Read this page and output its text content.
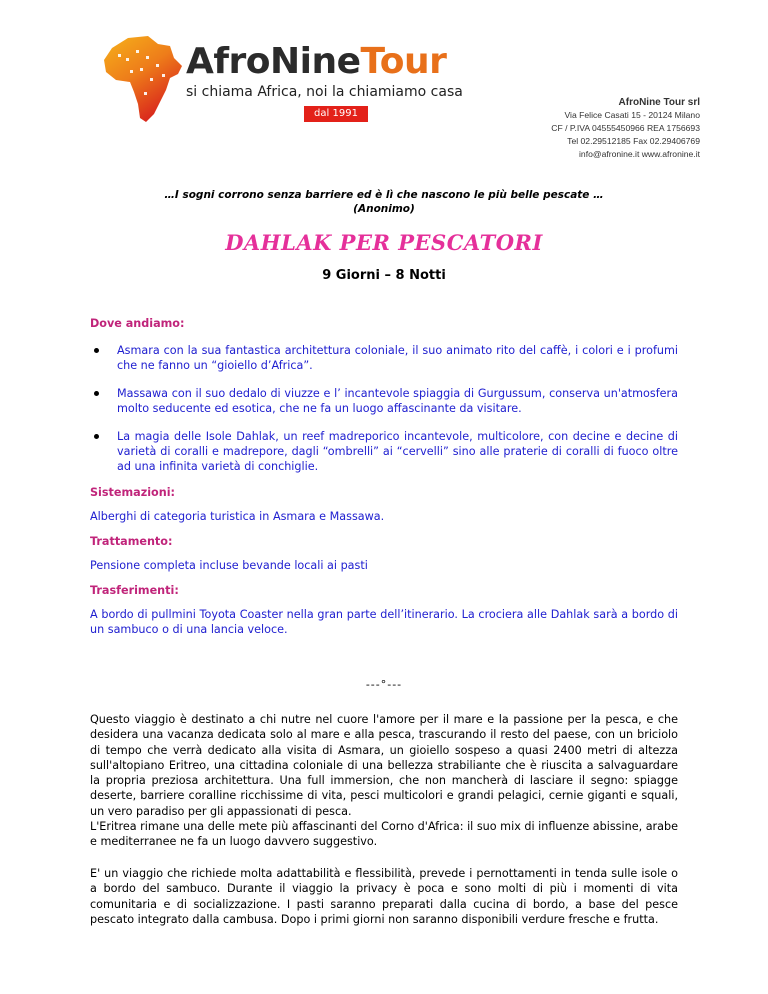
AfroNineTour
si chiama Africa, noi la chiamiamo casa
dal 1991
AfroNine Tour srl
Via Felice Casati 15 - 20124 Milano
CF / P.IVA 04555450966 REA 1756693
Tel 02.29512185 Fax 02.29406769
info@afronine.it www.afronine.it
…I sogni corrono senza barriere ed è lì che nascono le più belle pescate …
(Anonimo)
DAHLAK PER PESCATORI
9 Giorni – 8 Notti
Dove andiamo:
Asmara con la sua fantastica architettura coloniale, il suo animato rito del caffè, i colori e i profumi che ne fanno un “gioiello d’Africa”.
Massawa con il suo dedalo di viuzze e l’ incantevole spiaggia di Gurgussum, conserva un'atmosfera molto seducente ed esotica, che ne fa un luogo affascinante da visitare.
La magia delle Isole Dahlak, un reef madreporico incantevole, multicolore, con decine e decine di varietà di coralli e madrepore, dagli “ombrelli” ai “cervelli” sino alle praterie di coralli di fuoco oltre ad una infinita varietà di conchiglie.
Sistemazioni:
Alberghi di categoria turistica in Asmara e Massawa.
Trattamento:
Pensione completa incluse bevande locali ai pasti
Trasferimenti:
A bordo di pullmini Toyota Coaster nella gran parte dell’itinerario. La crociera alle Dahlak sarà a bordo di un sambuco o di una lancia veloce.
---°---
Questo viaggio è destinato a chi nutre nel cuore l'amore per il mare e la passione per la pesca, e che desidera una vacanza dedicata solo al mare e alla pesca, trascurando il resto del paese, con un briciolo di tempo che verrà dedicato alla visita di Asmara, un gioiello sospeso a quasi 2400 metri di altezza sull'altopiano Eritreo, una cittadina coloniale di una bellezza strabiliante che è riuscita a salvaguardare la propria preziosa architettura. Una full immersion, che non mancherà di lasciare il segno: spiagge deserte, barriere coralline ricchissime di vita, pesci multicolori e grandi pelagici, cernie giganti e squali, un vero paradiso per gli appassionati di pesca.
L'Eritrea rimane una delle mete più affascinanti del Corno d'Africa: il suo mix di influenze abissine, arabe e mediterranee ne fa un luogo davvero suggestivo.
E' un viaggio che richiede molta adattabilità e flessibilità, prevede i pernottamenti in tenda sulle isole o a bordo del sambuco. Durante il viaggio la privacy è poca e sono molti di più i momenti di vita comunitaria e di socializzazione. I pasti saranno preparati dalla cucina di bordo, a base del pesce pescato integrato dalla cambusa. Dopo i primi giorni non saranno disponibili verdure fresche e frutta.
